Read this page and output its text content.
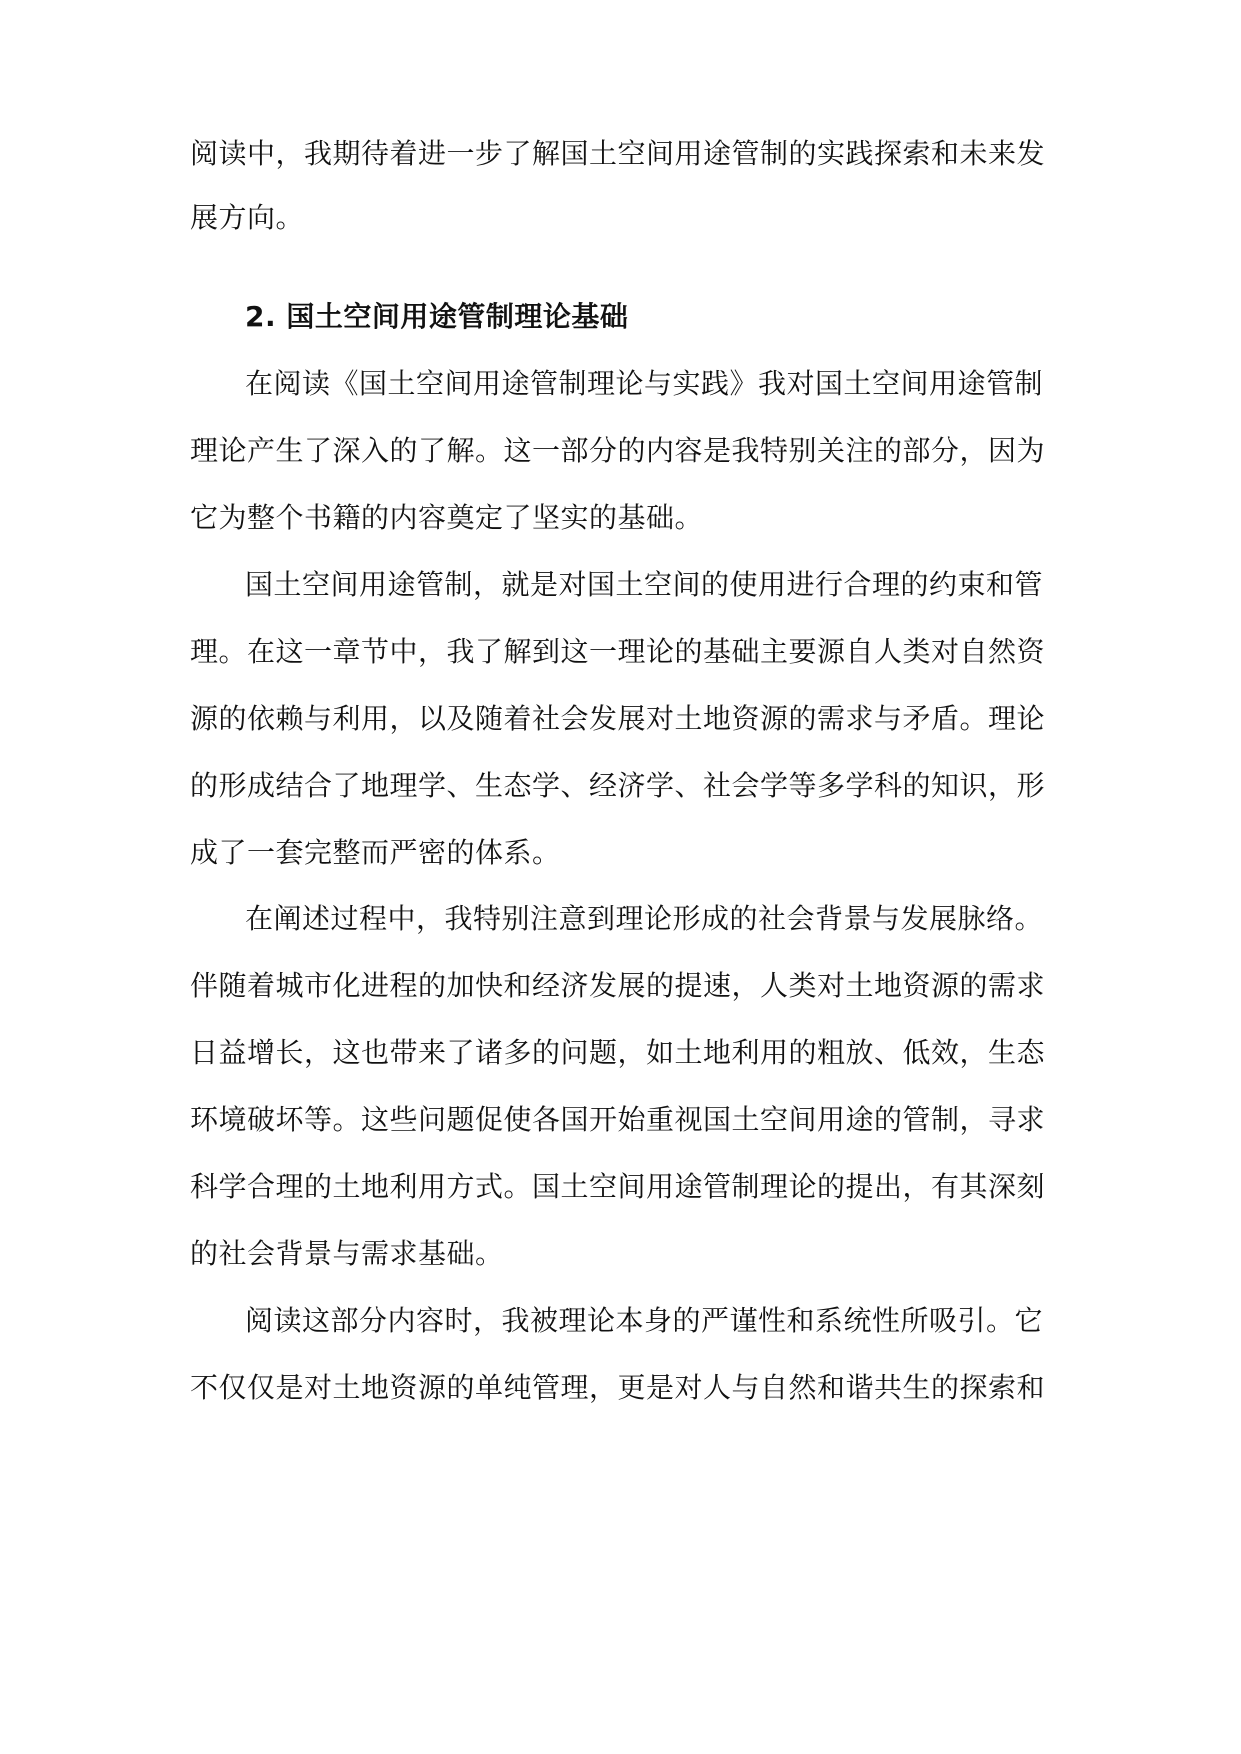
阅读中，我期待着进一步了解国土空间用途管制的实践探索和未来发
展方向。
2. 国土空间用途管制理论基础
在阅读《国土空间用途管制理论与实践》我对国土空间用途管制
理论产生了深入的了解。这一部分的内容是我特别关注的部分，因为
它为整个书籍的内容奠定了坚实的基础。
国土空间用途管制，就是对国土空间的使用进行合理的约束和管
理。在这一章节中，我了解到这一理论的基础主要源自人类对自然资
源的依赖与利用，以及随着社会发展对土地资源的需求与矛盾。理论
的形成结合了地理学、生态学、经济学、社会学等多学科的知识，形
成了一套完整而严密的体系。
在阐述过程中，我特别注意到理论形成的社会背景与发展脉络。
伴随着城市化进程的加快和经济发展的提速，人类对土地资源的需求
日益增长，这也带来了诸多的问题，如土地利用的粗放、低效，生态
环境破坏等。这些问题促使各国开始重视国土空间用途的管制，寻求
科学合理的土地利用方式。国土空间用途管制理论的提出，有其深刻
的社会背景与需求基础。
阅读这部分内容时，我被理论本身的严谨性和系统性所吸引。它
不仅仅是对土地资源的单纯管理，更是对人与自然和谐共生的探索和
